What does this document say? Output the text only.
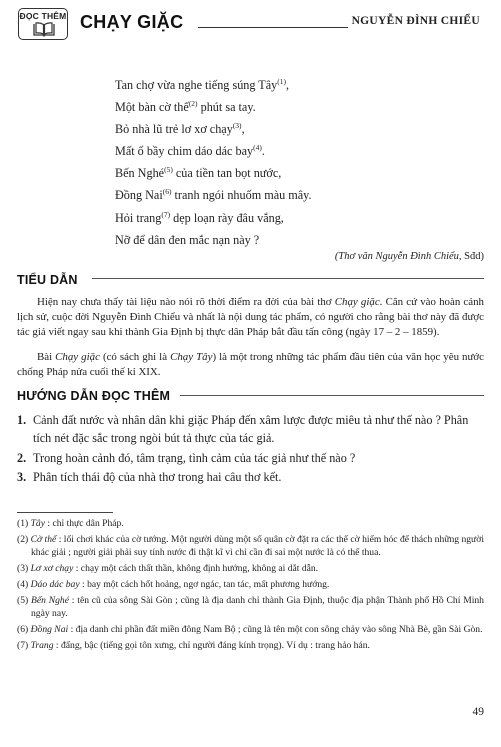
ĐỌC THÊM CHẠY GIẶC	NGUYỄN ĐÌNH CHIỂU
Tan chợ vừa nghe tiếng súng Tây$^{(1)}$,
Một bàn cờ thế$^{(2)}$ phút sa tay.
Bỏ nhà lũ trẻ lơ xơ chạy$^{(3)}$,
Mất ổ bầy chim dáo dác bay$^{(4)}$.
Bến Nghé$^{(5)}$ của tiền tan bọt nước,
Đồng Nai$^{(6)}$ tranh ngói nhuốm màu mây.
Hỏi trang$^{(7)}$ dẹp loạn rày đâu vắng,
Nỡ để dân đen mắc nạn này ?
(Thơ văn Nguyễn Đình Chiểu, Sđd)
TIỂU DẪN

Hiện nay chưa thấy tài liệu nào nói rõ thời điểm ra đời của bài thơ Chạy giặc. Căn cứ vào hoàn cảnh lịch sử, cuộc đời Nguyễn Đình Chiểu và nhất là nội dung tác phẩm, có người cho rằng bài thơ này đã được tác giả viết ngay sau khi thành Gia Định bị thực dân Pháp bắt đầu tấn công (ngày 17 – 2 – 1859).

Bài Chạy giặc (có sách ghi là Chạy Tây) là một trong những tác phẩm đầu tiên của văn học yêu nước chống Pháp nửa cuối thế kỉ XIX.

HƯỚNG DẪN ĐỌC THÊM
1. Cảnh đất nước và nhân dân khi giặc Pháp đến xâm lược được miêu tả như thế nào ? Phân tích nét đặc sắc trong ngòi bút tả thực của tác giả.
2. Trong hoàn cảnh đó, tâm trạng, tình cảm của tác giả như thế nào ?
3. Phân tích thái độ của nhà thơ trong hai câu thơ kết.
(1) Tây : chỉ thực dân Pháp.
(2) Cờ thế : lối chơi khác của cờ tướng. Một người dùng một số quân cờ đặt ra các thế cờ hiểm hóc để thách những người khác giải ; người giải phải suy tính nước đi thật kĩ vì chỉ cần đi sai một nước là có thể thua.
(3) Lơ xơ chạy : chạy một cách thất thần, không định hướng, không ai dắt dẫn.
(4) Dáo dác bay : bay một cách hốt hoảng, ngơ ngác, tan tác, mất phương hướng.
(5) Bến Nghé : tên cũ của sông Sài Gòn ; cũng là địa danh chỉ thành Gia Định, thuộc địa phận Thành phố Hồ Chí Minh ngày nay.
(6) Đồng Nai : địa danh chỉ phần đất miền đông Nam Bộ ; cũng là tên một con sông chảy vào sông Nhà Bè, gần Sài Gòn.
(7) Trang : đấng, bậc (tiếng gọi tôn xưng, chỉ người đáng kính trọng). Ví dụ : trang hảo hán.
49
